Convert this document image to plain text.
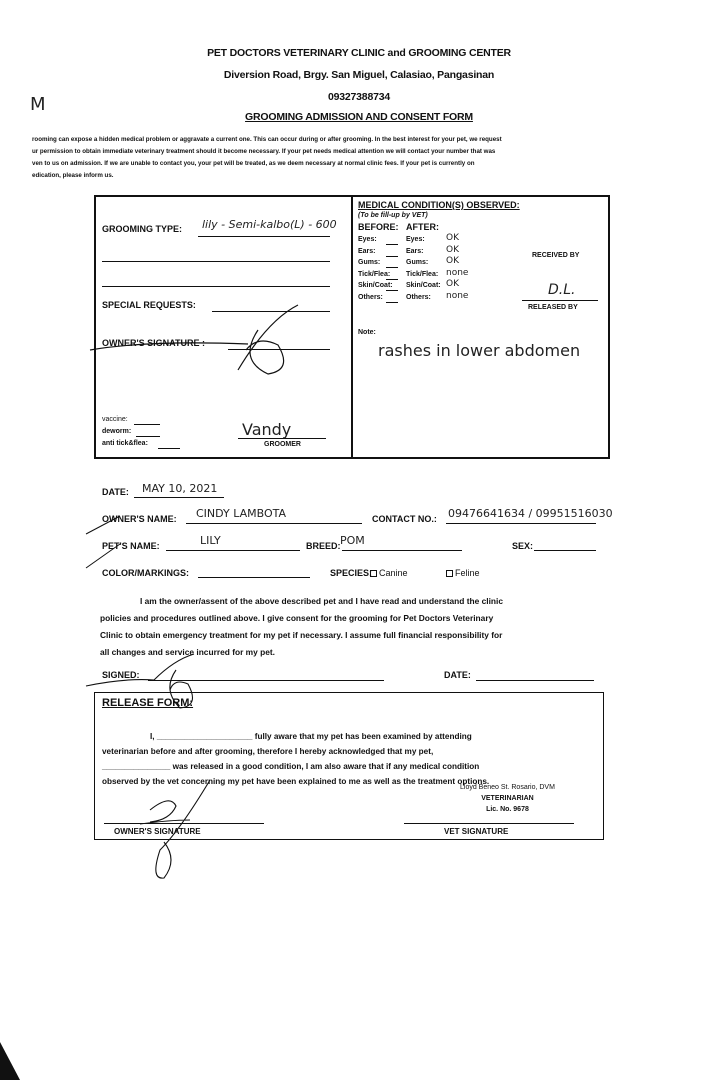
PET DOCTORS VETERINARY CLINIC and GROOMING CENTER
Diversion Road, Brgy. San Miguel, Calasiao, Pangasinan
09327388734
GROOMING ADMISSION AND CONSENT FORM
M
rooming can expose a hidden medical problem or aggravate a current one. This can occur during or after grooming. In the best interest for your pet, we request
ur permission to obtain immediate veterinary treatment should it become necessary. If your pet needs medical attention we will contact your number that was
ven to us on admission. If we are unable to contact you, your pet will be treated, as we deem necessary at normal clinic fees. If your pet is currently on
edication, please inform us.
GROOMING TYPE: lily - Semi-kalbo(L) - 600
SPECIAL REQUESTS:
OWNER'S SIGNATURE :
vaccine:
deworm:
anti tick&flea:
Vandy
GROOMER
MEDICAL CONDITION(S) OBSERVED:
(To be fill-up by VET)
BEFORE: AFTER:
Eyes:	Eyes: OK
Ears:	Ears: OK
Gums:	Gums: OK
Tick/Flea: Tick/Flea: none
Skin/Coat: Skin/Coat: OK
Others:	Others: none
RECEIVED BY
D.L.
RELEASED BY
Note:
rashes in lower abdomen
DATE: MAY 10, 2021
OWNER'S NAME: CINDY LAMBOTA	CONTACT NO.: 09476641634 / 09951516030
PET'S NAME:	LILY	BREED: POM	SEX:
COLOR/MARKINGS:	SPECIES: Canine	Feline
I am the owner/assent of the above described pet and I have read and understand the clinic
policies and procedures outlined above. I give consent for the grooming for Pet Doctors Veterinary
Clinic to obtain emergency treatment for my pet if necessary. I assume full financial responsibility for
all changes and service incurred for my pet.
SIGNED:	DATE:
RELEASE FORM:
I, _____________________ fully aware that my pet has been examined by attending
veterinarian before and after grooming, therefore I hereby acknowledged that my pet,
_______________ was released in a good condition, I am also aware that if any medical condition
observed by the vet concerning my pet have been explained to me as well as the treatment options.
Lloyd Beneo St. Rosario, DVM
VETERINARIAN
Lic. No. 9678
OWNER'S SIGNATURE	VET SIGNATURE
